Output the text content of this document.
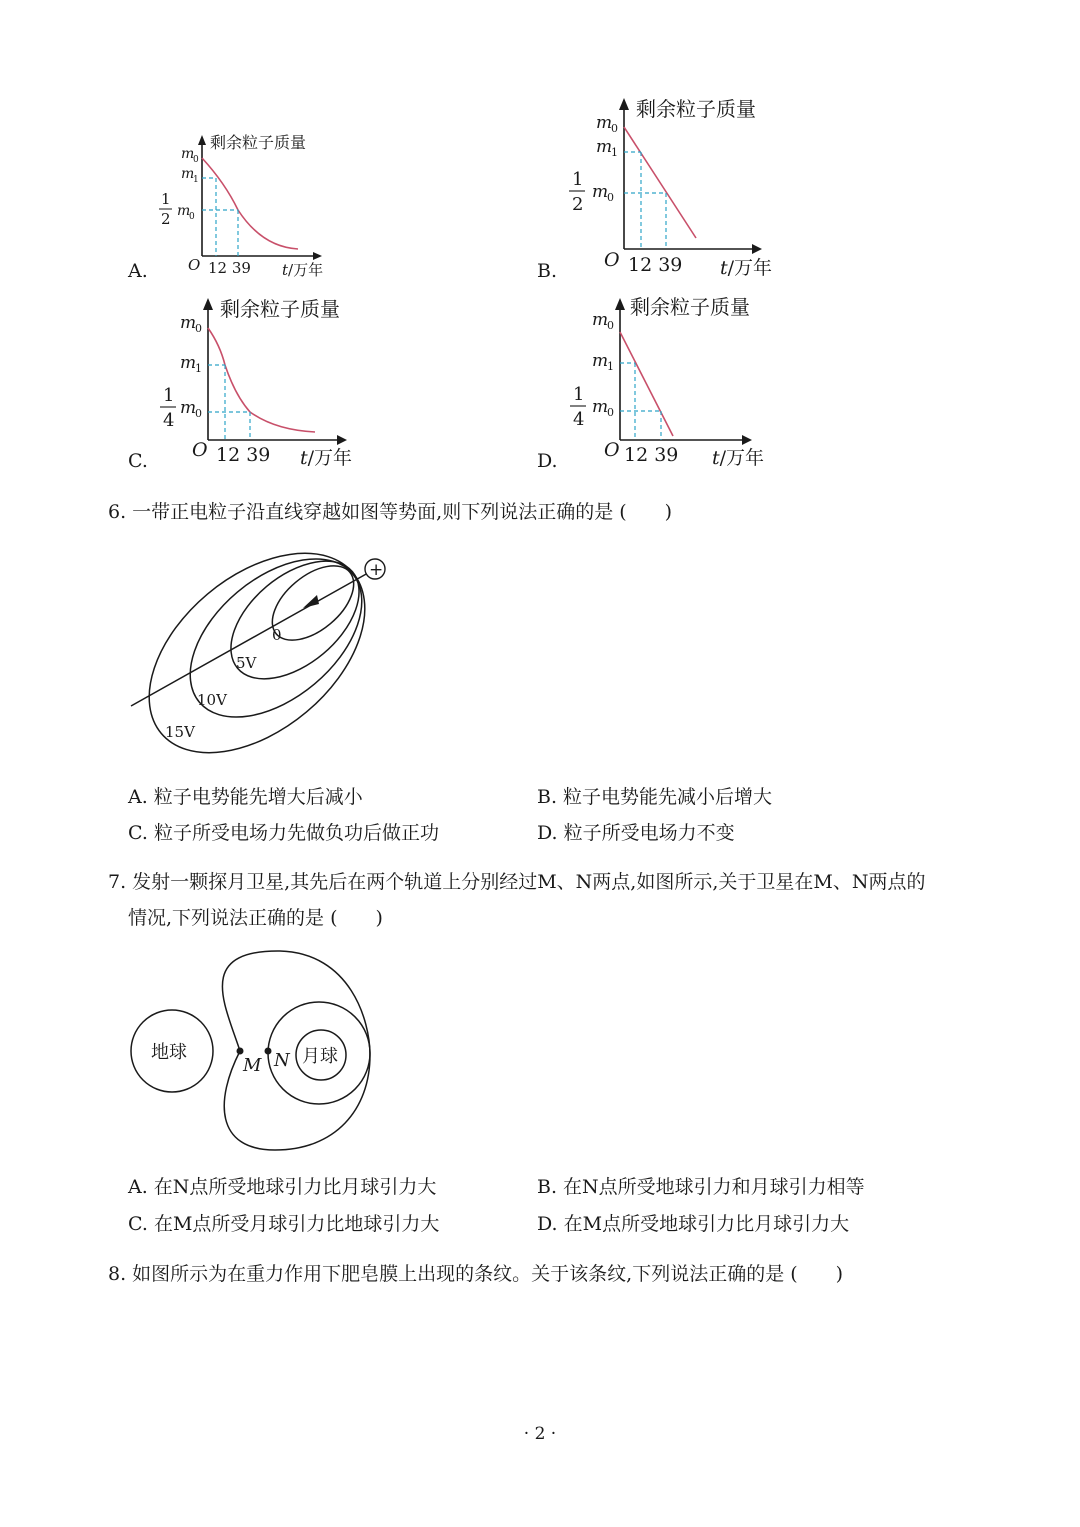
A.
剩余粒子质量
m
0
m
1
1
2 m
0
O 12 39 t/万年	B.
剩余粒子质量
m
0
m
1
1
2
m
0
O 12 39 t/万年
C.
剩余粒子质量
m
0
m
1
1
4
m
0
O 12 39 t/万年	D.
剩余粒子质量
m
0
m
1
1
4
m
0
O 12 39 t/万年
6. 一带正电粒子沿直线穿越如图等势面,则下列说法正确的是 (　　)
+
0
5V
10V
15V
A. 粒子电势能先增大后减小	B. 粒子电势能先减小后增大
C. 粒子所受电场力先做负功后做正功	D. 粒子所受电场力不变
7. 发射一颗探月卫星,其先后在两个轨道上分别经过M、N两点,如图所示,关于卫星在M、N两点的
情况,下列说法正确的是 (　　)
地球	月球
M N
A. 在N点所受地球引力比月球引力大	B. 在N点所受地球引力和月球引力相等
C. 在M点所受月球引力比地球引力大	D. 在M点所受地球引力比月球引力大
8. 如图所示为在重力作用下肥皂膜上出现的条纹。关于该条纹,下列说法正确的是 (　　)
· 2 ·
